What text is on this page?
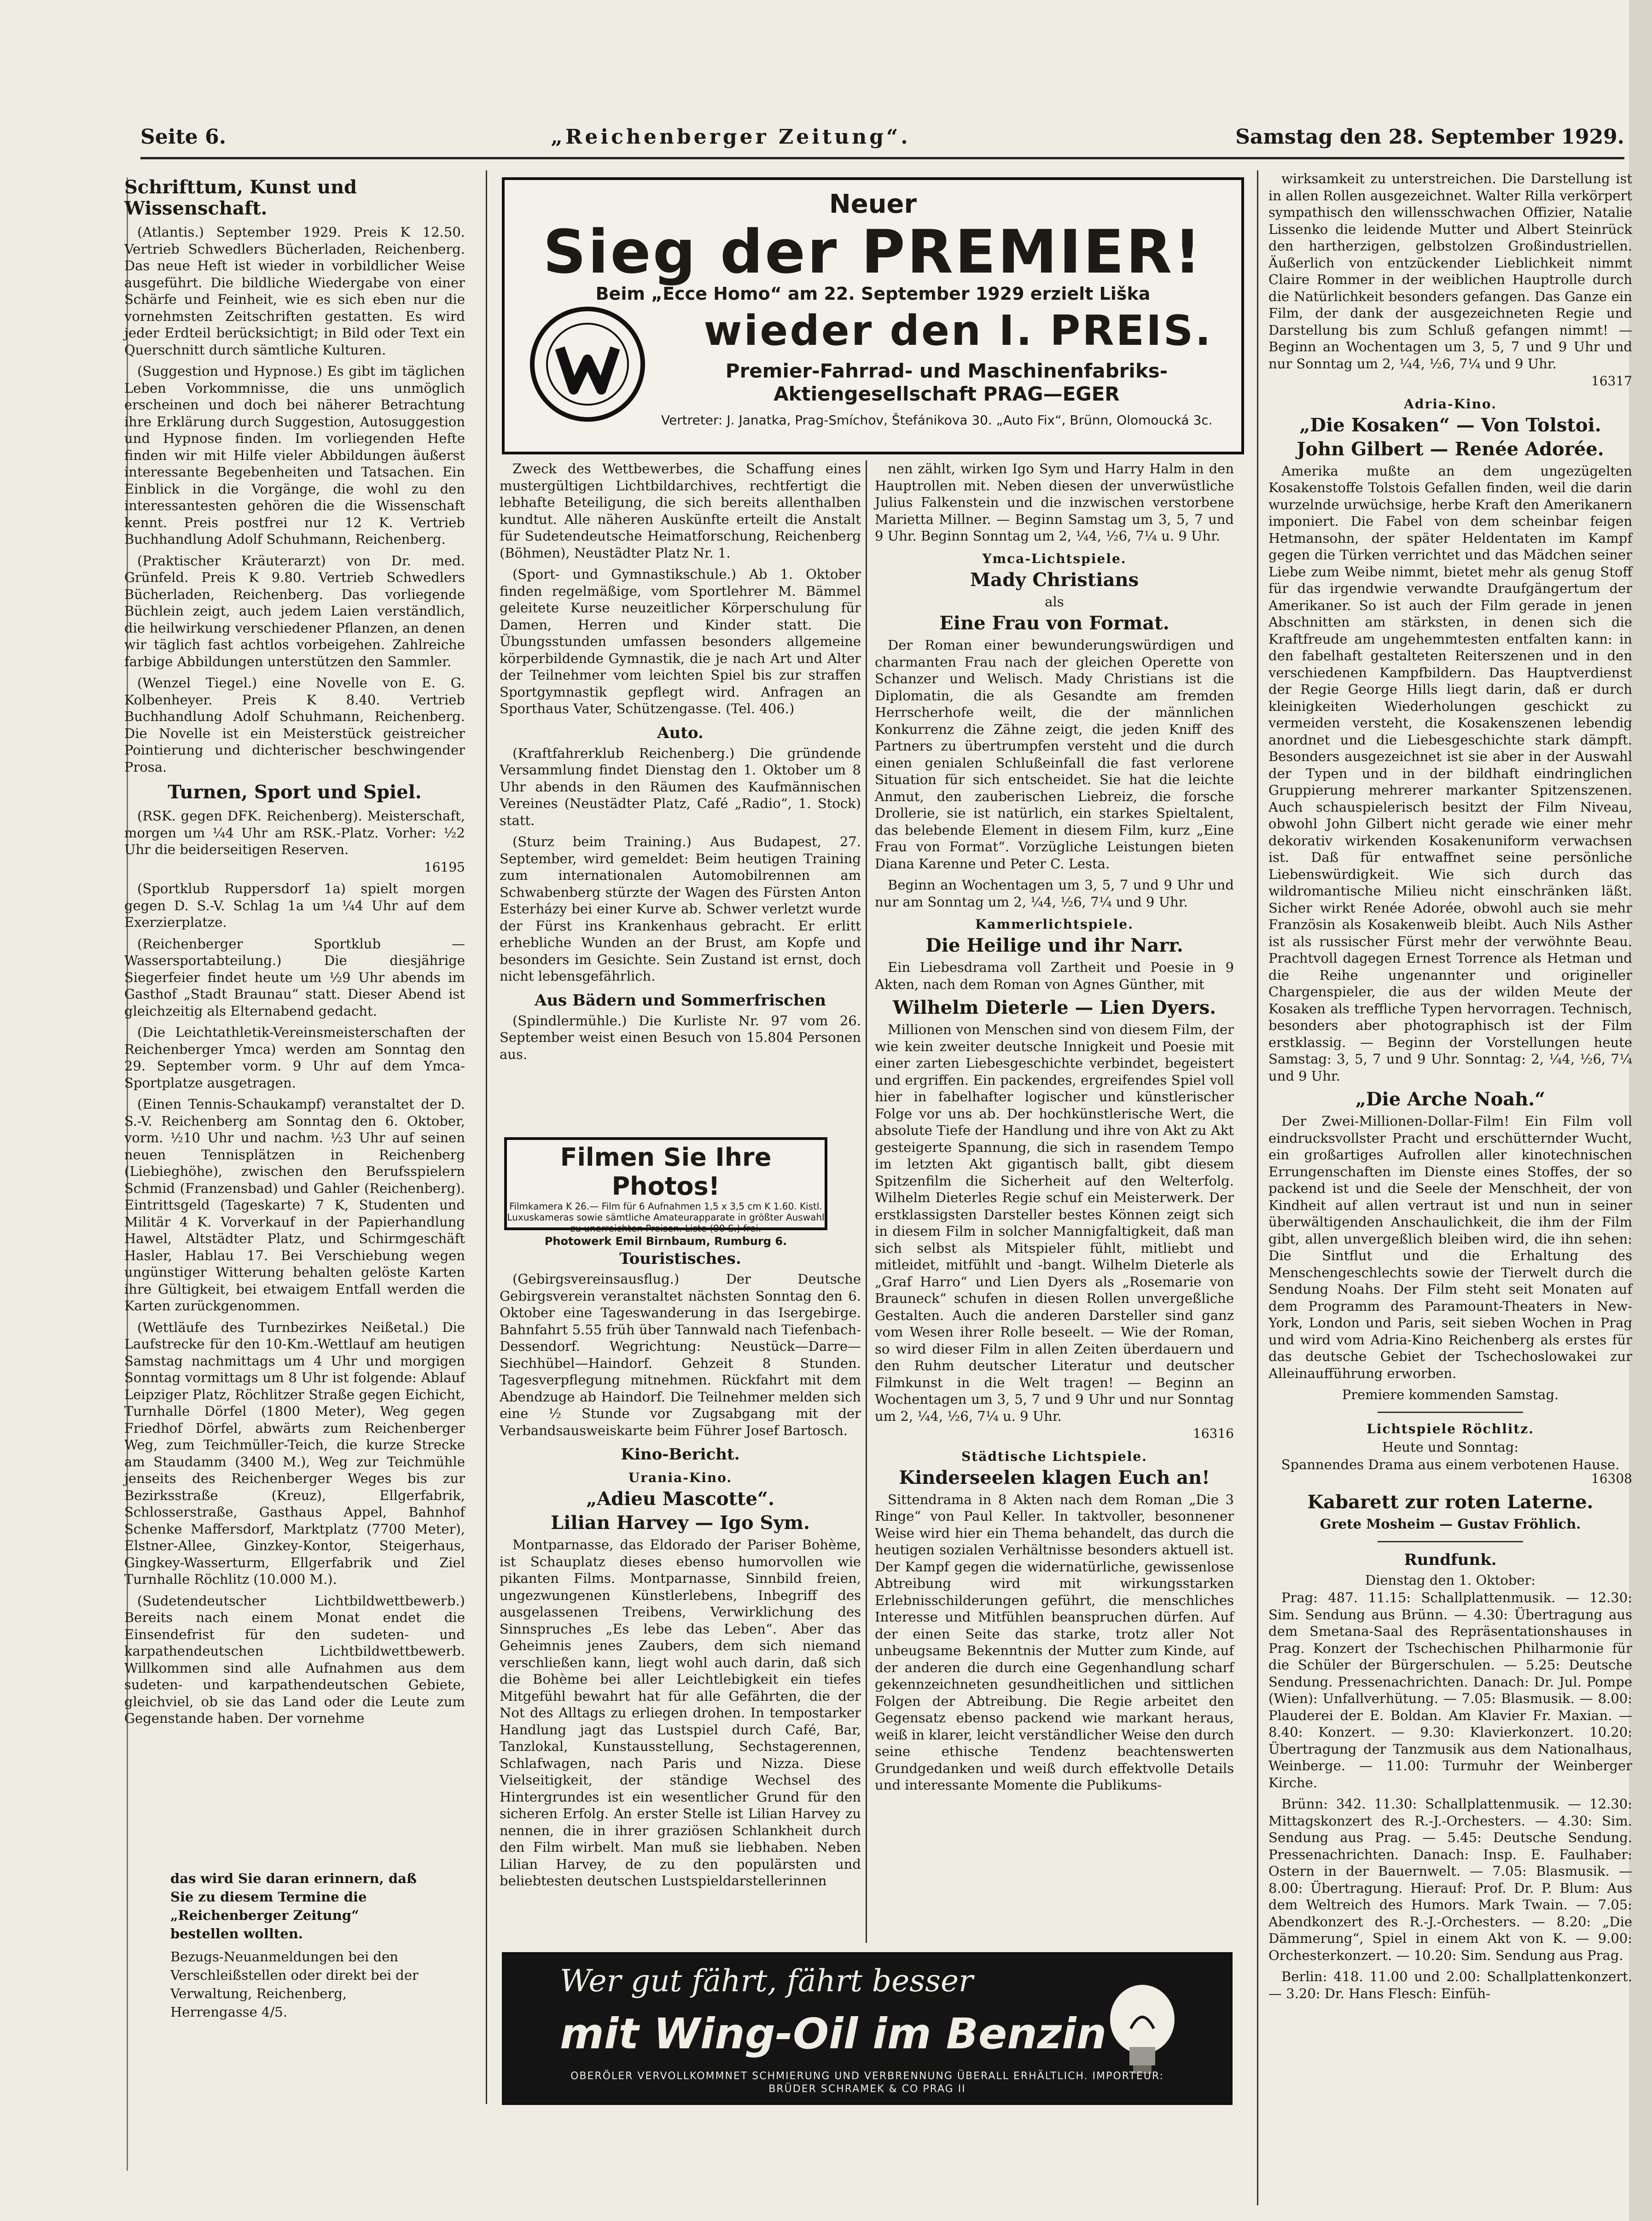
Seite 6.	„Reichenberger Zeitung“.	Samstag den 28. September 1929.
Schrifttum, Kunst und Wissenschaft.

(Atlantis.) September 1929. Preis K 12.50. Vertrieb Schwedlers Bücherladen, Reichenberg. Das neue Heft ist wieder in vorbildlicher Weise ausgeführt. Die bildliche Wiedergabe von einer Schärfe und Feinheit, wie es sich eben nur die vornehmsten Zeitschriften gestatten. Es wird jeder Erdteil berücksichtigt; in Bild oder Text ein Querschnitt durch sämtliche Kulturen.

(Suggestion und Hypnose.) Es gibt im täglichen Leben Vorkommnisse, die uns unmöglich erscheinen und doch bei näherer Betrachtung ihre Erklärung durch Suggestion, Autosuggestion und Hypnose finden. Im vorliegenden Hefte finden wir mit Hilfe vieler Abbildungen äußerst interessante Begebenheiten und Tatsachen. Ein Einblick in die Vorgänge, die wohl zu den interessantesten gehören die die Wissenschaft kennt. Preis postfrei nur 12 K. Vertrieb Buchhandlung Adolf Schuhmann, Reichenberg.

(Praktischer Kräuterarzt) von Dr. med. Grünfeld. Preis K 9.80. Vertrieb Schwedlers Bücherladen, Reichenberg. Das vorliegende Büchlein zeigt, auch jedem Laien verständlich, die heilwirkung verschiedener Pflanzen, an denen wir täglich fast achtlos vorbeigehen. Zahlreiche farbige Abbildungen unterstützen den Sammler.

(Wenzel Tiegel.) eine Novelle von E. G. Kolbenheyer. Preis K 8.40. Vertrieb Buchhandlung Adolf Schuhmann, Reichenberg. Die Novelle ist ein Meisterstück geistreicher Pointierung und dichterischer beschwingender Prosa.

Turnen, Sport und Spiel.

(RSK. gegen DFK. Reichenberg). Meisterschaft, morgen um ¼4 Uhr am RSK.-Platz. Vorher: ½2 Uhr die beiderseitigen Reserven.

16195

(Sportklub Ruppersdorf 1a) spielt morgen gegen D. S.-V. Schlag 1a um ¼4 Uhr auf dem Exerzierplatze.

(Reichenberger Sportklub — Wassersportabteilung.) Die diesjährige Siegerfeier findet heute um ½9 Uhr abends im Gasthof „Stadt Braunau“ statt. Dieser Abend ist gleichzeitig als Elternabend gedacht.

(Die Leichtathletik-Vereinsmeisterschaften der Reichenberger Ymca) werden am Sonntag den 29. September vorm. 9 Uhr auf dem Ymca-Sportplatze ausgetragen.

(Einen Tennis-Schaukampf) veranstaltet der D. S.-V. Reichenberg am Sonntag den 6. Oktober, vorm. ½10 Uhr und nachm. ½3 Uhr auf seinen neuen Tennisplätzen in Reichenberg (Liebieghöhe), zwischen den Berufsspielern Schmid (Franzensbad) und Gahler (Reichenberg). Eintrittsgeld (Tageskarte) 7 K, Studenten und Militär 4 K. Vorverkauf in der Papierhandlung Hawel, Altstädter Platz, und Schirmgeschäft Hasler, Hablau 17. Bei Verschiebung wegen ungünstiger Witterung behalten gelöste Karten ihre Gültigkeit, bei etwaigem Entfall werden die Karten zurückgenommen.

(Wettläufe des Turnbezirkes Neißetal.) Die Laufstrecke für den 10-Km.-Wettlauf am heutigen Samstag nachmittags um 4 Uhr und morgigen Sonntag vormittags um 8 Uhr ist folgende: Ablauf Leipziger Platz, Röchlitzer Straße gegen Eichicht, Turnhalle Dörfel (1800 Meter), Weg gegen Friedhof Dörfel, abwärts zum Reichenberger Weg, zum Teichmüller-Teich, die kurze Strecke am Staudamm (3400 M.), Weg zur Teichmühle jenseits des Reichenberger Weges bis zur Bezirksstraße (Kreuz), Ellgerfabrik, Schlosserstraße, Gasthaus Appel, Bahnhof Schenke Maffersdorf, Marktplatz (7700 Meter), Elstner-Allee, Ginzkey-Kontor, Steigerhaus, Gingkey-Wasserturm, Ellgerfabrik und Ziel Turnhalle Röchlitz (10.000 M.).

(Sudetendeutscher Lichtbildwettbewerb.) Bereits nach einem Monat endet die Einsendefrist für den sudeten- und karpathendeutschen Lichtbildwettbewerb. Willkommen sind alle Aufnahmen aus dem sudeten- und karpathendeutschen Gebiete, gleichviel, ob sie das Land oder die Leute zum Gegenstande haben. Der vornehme

das wird Sie daran erinnern, daß Sie zu diesem Termine die „Reichenberger Zeitung“ bestellen wollten.

Bezugs-Neuanmeldungen bei den Verschleißstellen oder direkt bei der Verwaltung, Reichenberg, Herrengasse 4/5.

Neuer
Sieg der PREMIER!
Beim „Ecce Homo“ am 22. September 1929 erzielt Liška
wieder den I. PREIS.
Premier-Fahrrad- und Maschinenfabriks-Aktiengesellschaft PRAG—EGER
Vertreter: J. Janatka, Prag-Smíchov, Štefánikova 30. „Auto Fix“, Brünn, Olomoucká 3c.

Zweck des Wettbewerbes, die Schaffung eines mustergültigen Lichtbildarchives, rechtfertigt die lebhafte Beteiligung, die sich bereits allenthalben kundtut. Alle näheren Auskünfte erteilt die Anstalt für Sudetendeutsche Heimatforschung, Reichenberg (Böhmen), Neustädter Platz Nr. 1.

(Sport- und Gymnastikschule.) Ab 1. Oktober finden regelmäßige, vom Sportlehrer M. Bämmel geleitete Kurse neuzeitlicher Körperschulung für Damen, Herren und Kinder statt. Die Übungsstunden umfassen besonders allgemeine körperbildende Gymnastik, die je nach Art und Alter der Teilnehmer vom leichten Spiel bis zur straffen Sportgymnastik gepflegt wird. Anfragen an Sporthaus Vater, Schützengasse. (Tel. 406.)

Auto.

(Kraftfahrerklub Reichenberg.) Die gründende Versammlung findet Dienstag den 1. Oktober um 8 Uhr abends in den Räumen des Kaufmännischen Vereines (Neustädter Platz, Café „Radio“, 1. Stock) statt.

(Sturz beim Training.) Aus Budapest, 27. September, wird gemeldet: Beim heutigen Training zum internationalen Automobilrennen am Schwabenberg stürzte der Wagen des Fürsten Anton Esterházy bei einer Kurve ab. Schwer verletzt wurde der Fürst ins Krankenhaus gebracht. Er erlitt erhebliche Wunden an der Brust, am Kopfe und besonders im Gesichte. Sein Zustand ist ernst, doch nicht lebensgefährlich.

Aus Bädern und Sommerfrischen

(Spindlermühle.) Die Kurliste Nr. 97 vom 26. September weist einen Besuch von 15.804 Personen aus.

Filmen Sie Ihre Photos!
Filmkamera K 26.— Film für 6 Aufnahmen 1,5 x 3,5 cm K 1.60. Kistl. Luxuskameras sowie sämtliche Amateurapparate in größter Auswahl zu unerreichten Preisen. Liste (90 S.) frei.
Photowerk Emil Birnbaum, Rumburg 6.
Touristisches.

(Gebirgsvereinsausflug.) Der Deutsche Gebirgsverein veranstaltet nächsten Sonntag den 6. Oktober eine Tageswanderung in das Isergebirge. Bahnfahrt 5.55 früh über Tannwald nach Tiefenbach-Dessendorf. Wegrichtung: Neustück—Darre—Siechhübel—Haindorf. Gehzeit 8 Stunden. Tagesverpflegung mitnehmen. Rückfahrt mit dem Abendzuge ab Haindorf. Die Teilnehmer melden sich eine ½ Stunde vor Zugsabgang mit der Verbandsausweiskarte beim Führer Josef Bartosch.

Kino-Bericht.
Urania-Kino.
„Adieu Mascotte“.
Lilian Harvey — Igo Sym.

Montparnasse, das Eldorado der Pariser Bohème, ist Schauplatz dieses ebenso humorvollen wie pikanten Films. Montparnasse, Sinnbild freien, ungezwungenen Künstlerlebens, Inbegriff des ausgelassenen Treibens, Verwirklichung des Sinnspruches „Es lebe das Leben“. Aber das Geheimnis jenes Zaubers, dem sich niemand verschließen kann, liegt wohl auch darin, daß sich die Bohème bei aller Leichtlebigkeit ein tiefes Mitgefühl bewahrt hat für alle Gefährten, die der Not des Alltags zu erliegen drohen. In tempostarker Handlung jagt das Lustspiel durch Café, Bar, Tanzlokal, Kunstausstellung, Sechstagerennen, Schlafwagen, nach Paris und Nizza. Diese Vielseitigkeit, der ständige Wechsel des Hintergrundes ist ein wesentlicher Grund für den sicheren Erfolg. An erster Stelle ist Lilian Harvey zu nennen, die in ihrer graziösen Schlankheit durch den Film wirbelt. Man muß sie liebhaben. Neben Lilian Harvey, de zu den populärsten und beliebtesten deutschen Lustspieldarstellerinnen

nen zählt, wirken Igo Sym und Harry Halm in den Hauptrollen mit. Neben diesen der unverwüstliche Julius Falkenstein und die inzwischen verstorbene Marietta Millner. — Beginn Samstag um 3, 5, 7 und 9 Uhr. Beginn Sonntag um 2, ¼4, ½6, 7¼ u. 9 Uhr.

Ymca-Lichtspiele.
Mady Christians
als
Eine Frau von Format.

Der Roman einer bewunderungswürdigen und charmanten Frau nach der gleichen Operette von Schanzer und Welisch. Mady Christians ist die Diplomatin, die als Gesandte am fremden Herrscherhofe weilt, die der männlichen Konkurrenz die Zähne zeigt, die jeden Kniff des Partners zu übertrumpfen versteht und die durch einen genialen Schlußeinfall die fast verlorene Situation für sich entscheidet. Sie hat die leichte Anmut, den zauberischen Liebreiz, die forsche Drollerie, sie ist natürlich, ein starkes Spieltalent, das belebende Element in diesem Film, kurz „Eine Frau von Format“. Vorzügliche Leistungen bieten Diana Karenne und Peter C. Lesta.

Beginn an Wochentagen um 3, 5, 7 und 9 Uhr und nur am Sonntag um 2, ¼4, ½6, 7¼ und 9 Uhr.

Kammerlichtspiele.
Die Heilige und ihr Narr.

Ein Liebesdrama voll Zartheit und Poesie in 9 Akten, nach dem Roman von Agnes Günther, mit

Wilhelm Dieterle — Lien Dyers.

Millionen von Menschen sind von diesem Film, der wie kein zweiter deutsche Innigkeit und Poesie mit einer zarten Liebesgeschichte verbindet, begeistert und ergriffen. Ein packendes, ergreifendes Spiel voll hier in fabelhafter logischer und künstlerischer Folge vor uns ab. Der hochkünstlerische Wert, die absolute Tiefe der Handlung und ihre von Akt zu Akt gesteigerte Spannung, die sich in rasendem Tempo im letzten Akt gigantisch ballt, gibt diesem Spitzenfilm die Sicherheit auf den Welterfolg. Wilhelm Dieterles Regie schuf ein Meisterwerk. Der erstklassigsten Darsteller bestes Können zeigt sich in diesem Film in solcher Mannigfaltigkeit, daß man sich selbst als Mitspieler fühlt, mitliebt und mitleidet, mitfühlt und -bangt. Wilhelm Dieterle als „Graf Harro“ und Lien Dyers als „Rosemarie von Brauneck“ schufen in diesen Rollen unvergeßliche Gestalten. Auch die anderen Darsteller sind ganz vom Wesen ihrer Rolle beseelt. — Wie der Roman, so wird dieser Film in allen Zeiten überdauern und den Ruhm deutscher Literatur und deutscher Filmkunst in die Welt tragen! — Beginn an Wochentagen um 3, 5, 7 und 9 Uhr und nur Sonntag um 2, ¼4, ½6, 7¼ u. 9 Uhr.

16316
Städtische Lichtspiele.
Kinderseelen klagen Euch an!

Sittendrama in 8 Akten nach dem Roman „Die 3 Ringe“ von Paul Keller. In taktvoller, besonnener Weise wird hier ein Thema behandelt, das durch die heutigen sozialen Verhältnisse besonders aktuell ist. Der Kampf gegen die widernatürliche, gewissenlose Abtreibung wird mit wirkungsstarken Erlebnisschilderungen geführt, die menschliches Interesse und Mitfühlen beanspruchen dürfen. Auf der einen Seite das starke, trotz aller Not unbeugsame Bekenntnis der Mutter zum Kinde, auf der anderen die durch eine Gegenhandlung scharf gekennzeichneten gesundheitlichen und sittlichen Folgen der Abtreibung. Die Regie arbeitet den Gegensatz ebenso packend wie markant heraus, weiß in klarer, leicht verständlicher Weise den durch seine ethische Tendenz beachtenswerten Grundgedanken und weiß durch effektvolle Details und interessante Momente die Publikums-

wirksamkeit zu unterstreichen. Die Darstellung ist in allen Rollen ausgezeichnet. Walter Rilla verkörpert sympathisch den willensschwachen Offizier, Natalie Lissenko die leidende Mutter und Albert Steinrück den hartherzigen, gelbstolzen Großindustriellen. Äußerlich von entzückender Lieblichkeit nimmt Claire Rommer in der weiblichen Hauptrolle durch die Natürlichkeit besonders gefangen. Das Ganze ein Film, der dank der ausgezeichneten Regie und Darstellung bis zum Schluß gefangen nimmt! — Beginn an Wochentagen um 3, 5, 7 und 9 Uhr und nur Sonntag um 2, ¼4, ½6, 7¼ und 9 Uhr.

16317
Adria-Kino.
„Die Kosaken“ — Von Tolstoi.
John Gilbert — Renée Adorée.

Amerika mußte an dem ungezügelten Kosakenstoffe Tolstois Gefallen finden, weil die darin wurzelnde urwüchsige, herbe Kraft den Amerikanern imponiert. Die Fabel von dem scheinbar feigen Hetmansohn, der später Heldentaten im Kampf gegen die Türken verrichtet und das Mädchen seiner Liebe zum Weibe nimmt, bietet mehr als genug Stoff für das irgendwie verwandte Draufgängertum der Amerikaner. So ist auch der Film gerade in jenen Abschnitten am stärksten, in denen sich die Kraftfreude am ungehemmtesten entfalten kann: in den fabelhaft gestalteten Reiterszenen und in den verschiedenen Kampfbildern. Das Hauptverdienst der Regie George Hills liegt darin, daß er durch kleinigkeiten Wiederholungen geschickt zu vermeiden versteht, die Kosakenszenen lebendig anordnet und die Liebesgeschichte stark dämpft. Besonders ausgezeichnet ist sie aber in der Auswahl der Typen und in der bildhaft eindringlichen Gruppierung mehrerer markanter Spitzenszenen. Auch schauspielerisch besitzt der Film Niveau, obwohl John Gilbert nicht gerade wie einer mehr dekorativ wirkenden Kosakenuniform verwachsen ist. Daß für entwaffnet seine persönliche Liebenswürdigkeit. Wie sich durch das wildromantische Milieu nicht einschränken läßt. Sicher wirkt Renée Adorée, obwohl auch sie mehr Französin als Kosakenweib bleibt. Auch Nils Asther ist als russischer Fürst mehr der verwöhnte Beau. Prachtvoll dagegen Ernest Torrence als Hetman und die Reihe ungenannter und origineller Chargenspieler, die aus der wilden Meute der Kosaken als treffliche Typen hervorragen. Technisch, besonders aber photographisch ist der Film erstklassig. — Beginn der Vorstellungen heute Samstag: 3, 5, 7 und 9 Uhr. Sonntag: 2, ¼4, ½6, 7¼ und 9 Uhr.

„Die Arche Noah.“

Der Zwei-Millionen-Dollar-Film! Ein Film voll eindrucksvollster Pracht und erschütternder Wucht, ein großartiges Aufrollen aller kinotechnischen Errungenschaften im Dienste eines Stoffes, der so packend ist und die Seele der Menschheit, der von Kindheit auf allen vertraut ist und nun in seiner überwältigenden Anschaulichkeit, die ihm der Film gibt, allen unvergeßlich bleiben wird, die ihn sehen: Die Sintflut und die Erhaltung des Menschengeschlechts sowie der Tierwelt durch die Sendung Noahs. Der Film steht seit Monaten auf dem Programm des Paramount-Theaters in New-York, London und Paris, seit sieben Wochen in Prag und wird vom Adria-Kino Reichenberg als erstes für das deutsche Gebiet der Tschechoslowakei zur Alleinaufführung erworben.

Premiere kommenden Samstag.
Lichtspiele Röchlitz.
Heute und Sonntag:
Spannendes Drama aus einem verbotenen Hause.
16308
Kabarett zur roten Laterne.
Grete Mosheim — Gustav Fröhlich.
Rundfunk.
Dienstag den 1. Oktober:

Prag: 487. 11.15: Schallplattenmusik. — 12.30: Sim. Sendung aus Brünn. — 4.30: Übertragung aus dem Smetana-Saal des Repräsentationshauses in Prag. Konzert der Tschechischen Philharmonie für die Schüler der Bürgerschulen. — 5.25: Deutsche Sendung. Pressenachrichten. Danach: Dr. Jul. Pompe (Wien): Unfallverhütung. — 7.05: Blasmusik. — 8.00: Plauderei der E. Boldan. Am Klavier Fr. Maxian. — 8.40: Konzert. — 9.30: Klavierkonzert. 10.20: Übertragung der Tanzmusik aus dem Nationalhaus, Weinberge. — 11.00: Turmuhr der Weinberger Kirche.

Brünn: 342. 11.30: Schallplattenmusik. — 12.30: Mittagskonzert des R.-J.-Orchesters. — 4.30: Sim. Sendung aus Prag. — 5.45: Deutsche Sendung. Pressenachrichten. Danach: Insp. E. Faulhaber: Ostern in der Bauernwelt. — 7.05: Blasmusik. — 8.00: Übertragung. Hierauf: Prof. Dr. P. Blum: Aus dem Weltreich des Humors. Mark Twain. — 7.05: Abendkonzert des R.-J.-Orchesters. — 8.20: „Die Dämmerung“, Spiel in einem Akt von K. — 9.00: Orchesterkonzert. — 10.20: Sim. Sendung aus Prag.

Berlin: 418. 11.00 und 2.00: Schallplattenkonzert. — 3.20: Dr. Hans Flesch: Einfüh-

Wer gut fährt, fährt besser
mit Wing-Oil im Benzin
OBERÖLER VERVOLLKOMMNET SCHMIERUNG UND VERBRENNUNG ÜBERALL ERHÄLTLICH. IMPORTEUR: BRÜDER SCHRAMEK & CO PRAG II
